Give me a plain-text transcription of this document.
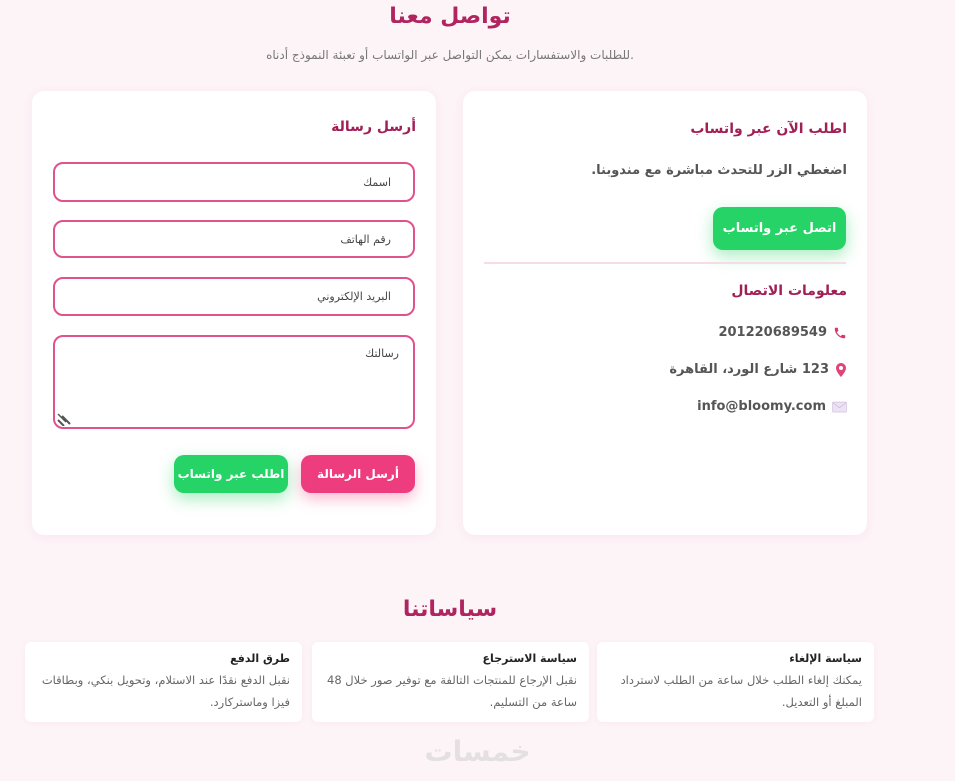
تواصل معنا
للطلبات والاستفسارات يمكن التواصل عبر الواتساب أو تعبئة النموذج أدناه.
أرسل رسالة
اسمك
رقم الهاتف
البريد الإلكتروني
رسالتك
أرسل الرسالة
اطلب عبر واتساب
اطلب الآن عبر واتساب
اضغطي الزر للتحدث مباشرة مع مندوبنا.
اتصل عبر واتساب
معلومات الاتصال
201220689549
123 شارع الورد، القاهرة
info@bloomy.com
سياساتنا
سياسة الإلغاء
يمكنك إلغاء الطلب خلال ساعة من الطلب لاسترداد المبلغ أو التعديل.
سياسة الاسترجاع
نقبل الإرجاع للمنتجات التالفة مع توفير صور خلال 48 ساعة من التسليم.
طرق الدفع
نقبل الدفع نقدًا عند الاستلام، وتحويل بنكي، وبطاقات فيزا وماستركارد.
خمسات
